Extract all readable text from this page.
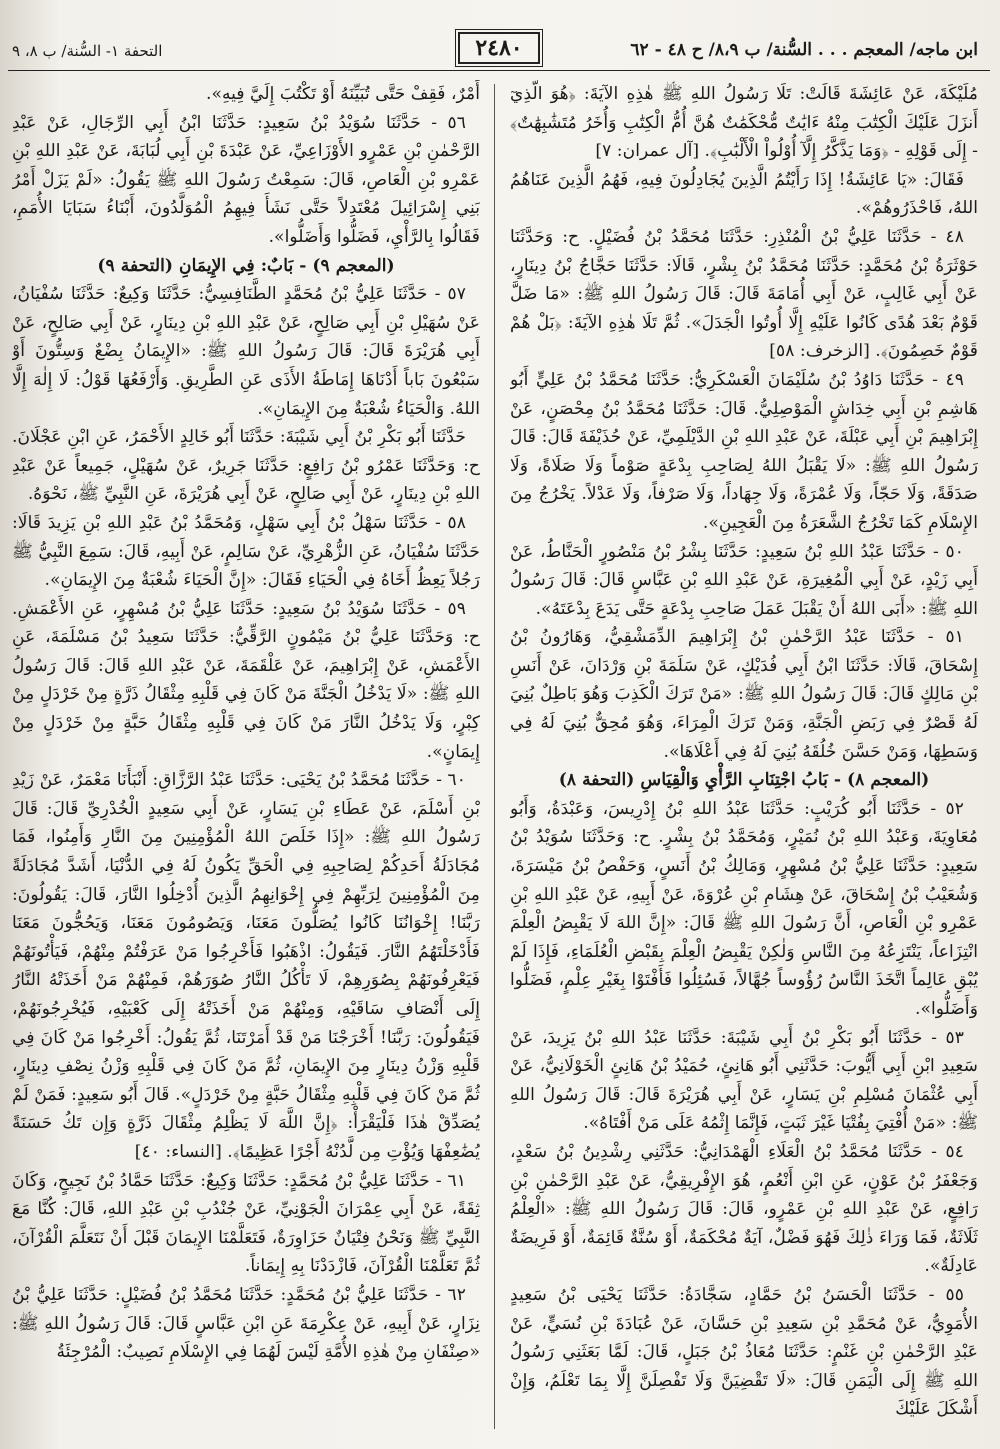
ابن ماجه/ المعجم . . . السُّنة/ ب ٨،٩/ ح ٤٨ - ٦٢
٢٤٨٠
التحفة ١- السُّنة/ ب ٨، ٩

مُلَيْكَةَ، عَنْ عَائِشَةَ قَالَتْ: تَلَا رَسُولُ اللهِ ﷺ هٰذِهِ الآيَةَ: ﴿هُوَ الَّذِيٓ أَنزَلَ عَلَيْكَ الْكِتَٰبَ مِنْهُ ءَايَٰتٌ مُّحْكَمَٰتٌ هُنَّ أُمُّ الْكِتَٰبِ وَأُخَرُ مُتَشَٰبِهَٰتٌ﴾ - إِلَى قَوْلِهِ - ﴿وَمَا يَذَّكَّرُ إِلَّآ أُوْلُواْ الْأَلْبَٰبِ﴾. [آل عمران: ٧]

فَقَالَ: «يَا عَائِشَةُ! إِذَا رَأَيْتُمُ الَّذِينَ يُجَادِلُونَ فِيهِ، فَهُمُ الَّذِينَ عَنَاهُمُ اللهُ، فَاحْذَرُوهُمْ».

٤٨ - حَدَّثَنَا عَلِيُّ بْنُ الْمُنْذِرِ: حَدَّثَنَا مُحَمَّدُ بْنُ فُضَيْلٍ. ح: وَحَدَّثَنَا حَوْثَرَةُ بْنُ مُحَمَّدٍ: حَدَّثَنَا مُحَمَّدُ بْنُ بِشْرٍ، قَالَا: حَدَّثَنَا حَجَّاجُ بْنُ دِينَارٍ، عَنْ أَبِي غَالِبٍ، عَنْ أَبِي أُمَامَةَ قَالَ: قَالَ رَسُولُ اللهِ ﷺ: «مَا ضَلَّ قَوْمٌ بَعْدَ هُدًى كَانُوا عَلَيْهِ إِلَّا أُوتُوا الْجَدَلَ». ثُمَّ تَلَا هٰذِهِ الآيَةَ: ﴿بَلْ هُمْ قَوْمٌ خَصِمُونَ﴾. [الزخرف: ٥٨]

٤٩ - حَدَّثَنَا دَاوُدُ بْنُ سُلَيْمَانَ الْعَسْكَرِيُّ: حَدَّثَنَا مُحَمَّدُ بْنُ عَلِيٍّ أَبُو هَاشِمِ بْنِ أَبِي خِدَاشٍ الْمَوْصِلِيُّ. قَالَ: حَدَّثَنَا مُحَمَّدُ بْنُ مِحْصَنٍ، عَنْ إِبْرَاهِيمَ بْنِ أَبِي عَبْلَةَ، عَنْ عَبْدِ اللهِ بْنِ الدَّيْلَمِيِّ، عَنْ حُذَيْفَةَ قَالَ: قَالَ رَسُولُ اللهِ ﷺ: «لَا يَقْبَلُ اللهُ لِصَاحِبِ بِدْعَةٍ صَوْماً وَلَا صَلَاةً، وَلَا صَدَقَةً، وَلَا حَجّاً، وَلَا عُمْرَةً، وَلَا جِهَاداً، وَلَا صَرْفاً، وَلَا عَدْلاً. يَخْرُجُ مِنَ الإِسْلَامِ كَمَا تَخْرُجُ الشَّعَرَةُ مِنَ الْعَجِينِ».

٥٠ - حَدَّثَنَا عَبْدُ اللهِ بْنُ سَعِيدٍ: حَدَّثَنَا بِشْرُ بْنُ مَنْصُورٍ الْحَنَّاطُ، عَنْ أَبِي زَيْدٍ، عَنْ أَبِي الْمُغِيرَةِ، عَنْ عَبْدِ اللهِ بْنِ عَبَّاسٍ قَالَ: قَالَ رَسُولُ اللهِ ﷺ: «أَبَى اللهُ أَنْ يَقْبَلَ عَمَلَ صَاحِبِ بِدْعَةٍ حَتَّى يَدَعَ بِدْعَتَهُ».

٥١ - حَدَّثَنَا عَبْدُ الرَّحْمٰنِ بْنُ إِبْرَاهِيمَ الدِّمَشْقِيُّ، وَهَارُونُ بْنُ إِسْحَاقَ، قَالَا: حَدَّثَنَا ابْنُ أَبِي فُدَيْكٍ، عَنْ سَلَمَةَ بْنِ وَرْدَانَ، عَنْ أَنَسِ بْنِ مَالِكٍ قَالَ: قَالَ رَسُولُ اللهِ ﷺ: «مَنْ تَرَكَ الْكَذِبَ وَهُوَ بَاطِلٌ بُنِيَ لَهُ قَصْرٌ فِي رَبَضِ الْجَنَّةِ، وَمَنْ تَرَكَ الْمِرَاءَ، وَهُوَ مُحِقٌّ بُنِيَ لَهُ فِي وَسَطِهَا، وَمَنْ حَسَّنَ خُلُقَهُ بُنِيَ لَهُ فِي أَعْلَاهَا».

(المعجم ٨) - بَابُ اجْتِنَابِ الرَّأْيِ وَالْقِيَاسِ (التحفة ٨)

٥٢ - حَدَّثَنَا أَبُو كُرَيْبٍ: حَدَّثَنَا عَبْدُ اللهِ بْنُ إِدْرِيسَ، وَعَبْدَةُ، وَأَبُو مُعَاوِيَةَ، وَعَبْدُ اللهِ بْنُ نُمَيْرٍ، وَمُحَمَّدُ بْنُ بِشْرٍ. ح: وَحَدَّثَنَا سُوَيْدُ بْنُ سَعِيدٍ: حَدَّثَنَا عَلِيُّ بْنُ مُسْهِرٍ، وَمَالِكُ بْنُ أَنَسٍ، وَحَفْصُ بْنُ مَيْسَرَةَ، وَشُعَيْبُ بْنُ إِسْحَاقَ، عَنْ هِشَامِ بْنِ عُرْوَةَ، عَنْ أَبِيهِ، عَنْ عَبْدِ اللهِ بْنِ عَمْرِو بْنِ الْعَاصِ، أَنَّ رَسُولَ اللهِ ﷺ قَالَ: «إِنَّ اللهَ لَا يَقْبِضُ الْعِلْمَ انْتِزَاعاً، يَنْتَزِعُهُ مِنَ النَّاسِ وَلٰكِنْ يَقْبِضُ الْعِلْمَ بِقَبْضِ الْعُلَمَاءِ، فَإِذَا لَمْ يُبْقِ عَالِماً اتَّخَذَ النَّاسُ رُؤُوساً جُهَّالاً، فَسُئِلُوا فَأَفْتَوْا بِغَيْرِ عِلْمٍ، فَضَلُّوا وَأَضَلُّوا».

٥٣ - حَدَّثَنَا أَبُو بَكْرِ بْنُ أَبِي شَيْبَةَ: حَدَّثَنَا عَبْدُ اللهِ بْنُ يَزِيدَ، عَنْ سَعِيدِ ابْنِ أَبِي أَيُّوبَ: حَدَّثَنِي أَبُو هَانِئٍ، حُمَيْدُ بْنُ هَانِئٍ الْخَوْلَانِيُّ، عَنْ أَبِي عُثْمَانَ مُسْلِمِ بْنِ يَسَارٍ، عَنْ أَبِي هُرَيْرَةَ قَالَ: قَالَ رَسُولُ اللهِ ﷺ: «مَنْ أُفْتِيَ بِفُتْيَا غَيْرَ ثَبَتٍ، فَإِنَّمَا إِثْمُهُ عَلَى مَنْ أَفْتَاهُ».

٥٤ - حَدَّثَنَا مُحَمَّدُ بْنُ الْعَلَاءِ الْهَمْدَانِيُّ: حَدَّثَنِي رِشْدِينُ بْنُ سَعْدٍ، وَجَعْفَرُ بْنُ عَوْنٍ، عَنِ ابْنِ أَنْعُمٍ، هُوَ الإِفْرِيقِيُّ، عَنْ عَبْدِ الرَّحْمٰنِ بْنِ رَافِعٍ، عَنْ عَبْدِ اللهِ بْنِ عَمْرٍو، قَالَ: قَالَ رَسُولُ اللهِ ﷺ: «الْعِلْمُ ثَلَاثَةٌ، فَمَا وَرَاءَ ذٰلِكَ فَهُوَ فَضْلٌ، آيَةٌ مُحْكَمَةٌ، أَوْ سُنَّةٌ قَائِمَةٌ، أَوْ فَرِيضَةٌ عَادِلَةٌ».

٥٥ - حَدَّثَنَا الْحَسَنُ بْنُ حَمَّادٍ، سَجَّادَةُ: حَدَّثَنَا يَحْيَى بْنُ سَعِيدٍ الأُمَوِيُّ، عَنْ مُحَمَّدِ بْنِ سَعِيدِ بْنِ حَسَّانَ، عَنْ عُبَادَةَ بْنِ نُسَيٍّ، عَنْ عَبْدِ الرَّحْمٰنِ بْنِ غَنْمٍ: حَدَّثَنَا مُعَاذُ بْنُ جَبَلٍ، قَالَ: لَمَّا بَعَثَنِي رَسُولُ اللهِ ﷺ إِلَى الْيَمَنِ قَالَ: «لَا تَقْضِيَنَّ وَلَا تَفْصِلَنَّ إِلَّا بِمَا تَعْلَمُ، وَإِنْ أَشْكَلَ عَلَيْكَ

أَمْرٌ، فَقِفْ حَتَّى تُبَيِّنَهُ أَوْ تَكْتُبَ إِلَيَّ فِيهِ».

٥٦ - حَدَّثَنَا سُوَيْدُ بْنُ سَعِيدٍ: حَدَّثَنَا ابْنُ أَبِي الرِّجَالِ، عَنْ عَبْدِ الرَّحْمٰنِ بْنِ عَمْرٍو الأَوْزَاعِيِّ، عَنْ عَبْدَةَ بْنِ أَبِي لُبَابَةَ، عَنْ عَبْدِ اللهِ بْنِ عَمْرِو بْنِ الْعَاصِ، قَالَ: سَمِعْتُ رَسُولَ اللهِ ﷺ يَقُولُ: «لَمْ يَزَلْ أَمْرُ بَنِي إِسْرَائِيلَ مُعْتَدِلاً حَتَّى نَشَأَ فِيهِمُ الْمُوَلَّدُونَ، أَبْنَاءُ سَبَايَا الأُمَمِ، فَقَالُوا بِالرَّأْيِ، فَضَلُّوا وَأَضَلُّوا».

(المعجم ٩) - بَابٌ: فِي الإِيمَانِ (التحفة ٩)

٥٧ - حَدَّثَنَا عَلِيُّ بْنُ مُحَمَّدٍ الطَّنَافِسِيُّ: حَدَّثَنَا وَكِيعٌ: حَدَّثَنَا سُفْيَانُ، عَنْ سُهَيْلِ بْنِ أَبِي صَالِحٍ، عَنْ عَبْدِ اللهِ بْنِ دِينَارٍ، عَنْ أَبِي صَالِحٍ، عَنْ أَبِي هُرَيْرَةَ قَالَ: قَالَ رَسُولُ اللهِ ﷺ: «الإِيمَانُ بِضْعٌ وَسِتُّونَ أَوْ سَبْعُونَ بَاباً أَدْنَاهَا إِمَاطَةُ الأَذَى عَنِ الطَّرِيقِ. وَأَرْفَعُهَا قَوْلُ: لَا إِلٰهَ إِلَّا اللهُ. وَالْحَيَاءُ شُعْبَةٌ مِنَ الإِيمَانِ».

حَدَّثَنَا أَبُو بَكْرِ بْنُ أَبِي شَيْبَةَ: حَدَّثَنَا أَبُو خَالِدٍ الأَحْمَرُ، عَنِ ابْنِ عَجْلَانَ. ح: وَحَدَّثَنَا عَمْرُو بْنُ رَافِعٍ: حَدَّثَنَا جَرِيرٌ، عَنْ سُهَيْلٍ، جَمِيعاً عَنْ عَبْدِ اللهِ بْنِ دِينَارٍ، عَنْ أَبِي صَالِحٍ، عَنْ أَبِي هُرَيْرَةَ، عَنِ النَّبِيِّ ﷺ، نَحْوَهُ.

٥٨ - حَدَّثَنَا سَهْلُ بْنُ أَبِي سَهْلٍ، وَمُحَمَّدُ بْنُ عَبْدِ اللهِ بْنِ يَزِيدَ قَالَا: حَدَّثَنَا سُفْيَانُ، عَنِ الزُّهْرِيِّ، عَنْ سَالِمٍ، عَنْ أَبِيهِ، قَالَ: سَمِعَ النَّبِيُّ ﷺ رَجُلاً يَعِظُ أَخَاهُ فِي الْحَيَاءِ فَقَالَ: «إِنَّ الْحَيَاءَ شُعْبَةٌ مِنَ الإِيمَانِ».

٥٩ - حَدَّثَنَا سُوَيْدُ بْنُ سَعِيدٍ: حَدَّثَنَا عَلِيُّ بْنُ مُسْهِرٍ، عَنِ الأَعْمَشِ. ح: وَحَدَّثَنَا عَلِيُّ بْنُ مَيْمُونٍ الرَّقِّيُّ: حَدَّثَنَا سَعِيدُ بْنُ مَسْلَمَةَ، عَنِ الأَعْمَشِ، عَنْ إِبْرَاهِيمَ، عَنْ عَلْقَمَةَ، عَنْ عَبْدِ اللهِ قَالَ: قَالَ رَسُولُ اللهِ ﷺ: «لَا يَدْخُلُ الْجَنَّةَ مَنْ كَانَ فِي قَلْبِهِ مِثْقَالُ ذَرَّةٍ مِنْ خَرْدَلٍ مِنْ كِبْرٍ، وَلَا يَدْخُلُ النَّارَ مَنْ كَانَ فِي قَلْبِهِ مِثْقَالُ حَبَّةٍ مِنْ خَرْدَلٍ مِنْ إِيمَانٍ».

٦٠ - حَدَّثَنَا مُحَمَّدُ بْنُ يَحْيَى: حَدَّثَنَا عَبْدُ الرَّزَّاقِ: أَنْبَأَنَا مَعْمَرٌ، عَنْ زَيْدِ بْنِ أَسْلَمَ، عَنْ عَطَاءِ بْنِ يَسَارٍ، عَنْ أَبِي سَعِيدٍ الْخُدْرِيِّ قَالَ: قَالَ رَسُولُ اللهِ ﷺ: «إِذَا خَلَصَ اللهُ الْمُؤْمِنِينَ مِنَ النَّارِ وَأَمِنُوا، فَمَا مُجَادَلَةُ أَحَدِكُمْ لِصَاحِبِهِ فِي الْحَقِّ يَكُونُ لَهُ فِي الدُّنْيَا، أَشَدَّ مُجَادَلَةً مِنَ الْمُؤْمِنِينَ لِرَبِّهِمْ فِي إِخْوَانِهِمُ الَّذِينَ أُدْخِلُوا النَّارَ، قَالَ: يَقُولُونَ: رَبَّنَا! إِخْوَانُنَا كَانُوا يُصَلُّونَ مَعَنَا، وَيَصُومُونَ مَعَنَا، وَيَحُجُّونَ مَعَنَا فَأَدْخَلْتَهُمُ النَّارَ. فَيَقُولُ: اذْهَبُوا فَأَخْرِجُوا مَنْ عَرَفْتُمْ مِنْهُمْ، فَيَأْتُونَهُمْ فَيَعْرِفُونَهُمْ بِصُوَرِهِمْ، لَا تَأْكُلُ النَّارُ صُوَرَهُمْ، فَمِنْهُمْ مَنْ أَخَذَتْهُ النَّارُ إِلَى أَنْصَافِ سَاقَيْهِ، وَمِنْهُمْ مَنْ أَخَذَتْهُ إِلَى كَعْبَيْهِ، فَيُخْرِجُونَهُمْ، فَيَقُولُونَ: رَبَّنَا! أَخْرَجْنَا مَنْ قَدْ أَمَرْتَنَا، ثُمَّ يَقُولُ: أَخْرِجُوا مَنْ كَانَ فِي قَلْبِهِ وَزْنُ دِينَارٍ مِنَ الإِيمَانِ، ثُمَّ مَنْ كَانَ فِي قَلْبِهِ وَزْنُ نِصْفِ دِينَارٍ، ثُمَّ مَنْ كَانَ فِي قَلْبِهِ مِثْقَالُ حَبَّةٍ مِنْ خَرْدَلٍ». قَالَ أَبُو سَعِيدٍ: فَمَنْ لَمْ يُصَدِّقْ هٰذَا فَلْيَقْرَأْ: ﴿إِنَّ اللَّهَ لَا يَظْلِمُ مِثْقَالَ ذَرَّةٍ وَإِن تَكُ حَسَنَةً يُضَٰعِفْهَا وَيُؤْتِ مِن لَّدُنْهُ أَجْرًا عَظِيمًا﴾. [النساء: ٤٠]

٦١ - حَدَّثَنَا عَلِيُّ بْنُ مُحَمَّدٍ: حَدَّثَنَا وَكِيعٌ: حَدَّثَنَا حَمَّادُ بْنُ نَجِيحٍ، وَكَانَ ثِقَةً، عَنْ أَبِي عِمْرَانَ الْجَوْنِيِّ، عَنْ جُنْدُبِ بْنِ عَبْدِ اللهِ، قَالَ: كُنَّا مَعَ النَّبِيِّ ﷺ وَنَحْنُ فِتْيَانٌ حَزَاوِرَةٌ، فَتَعَلَّمْنَا الإِيمَانَ قَبْلَ أَنْ نَتَعَلَّمَ الْقُرْآنَ، ثُمَّ تَعَلَّمْنَا الْقُرْآنَ، فَازْدَدْنَا بِهِ إِيمَاناً.

٦٢ - حَدَّثَنَا عَلِيُّ بْنُ مُحَمَّدٍ: حَدَّثَنَا مُحَمَّدُ بْنُ فُضَيْلٍ: حَدَّثَنَا عَلِيُّ بْنُ نِزَارٍ، عَنْ أَبِيهِ، عَنْ عِكْرِمَةَ عَنِ ابْنِ عَبَّاسٍ قَالَ: قَالَ رَسُولُ اللهِ ﷺ: «صِنْفَانِ مِنْ هٰذِهِ الأُمَّةِ لَيْسَ لَهُمَا فِي الإِسْلَامِ نَصِيبٌ: الْمُرْجِئَةُ
